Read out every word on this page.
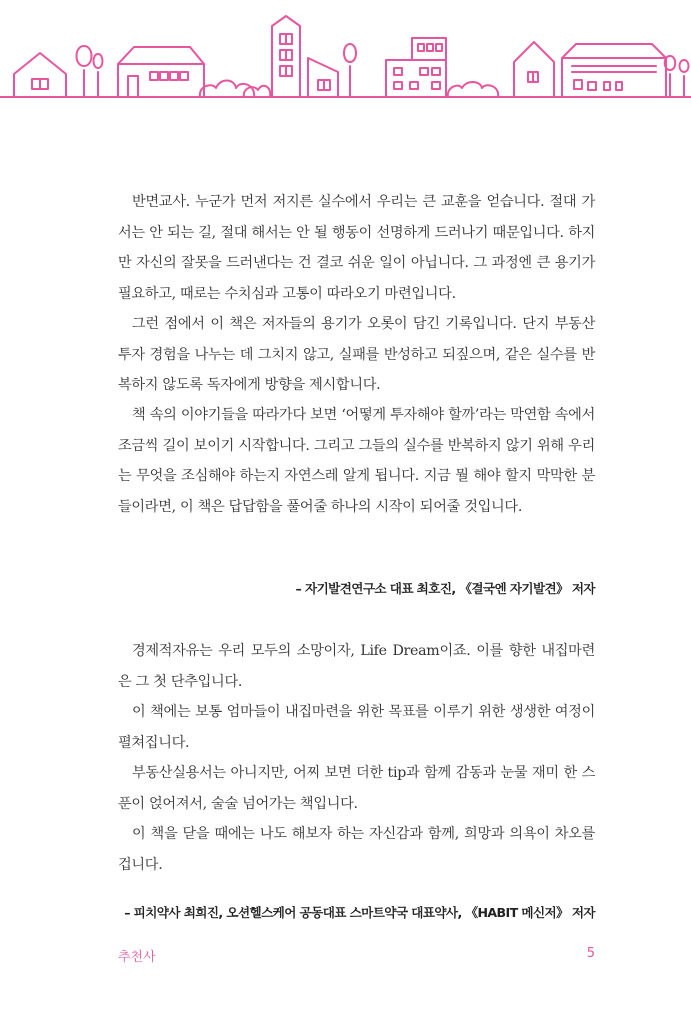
반면교사. 누군가 먼저 저지른 실수에서 우리는 큰 교훈을 얻습니다. 절대 가서는 안 되는 길, 절대 해서는 안 될 행동이 선명하게 드러나기 때문입니다. 하지만 자신의 잘못을 드러낸다는 건 결코 쉬운 일이 아닙니다. 그 과정엔 큰 용기가 필요하고, 때로는 수치심과 고통이 따라오기 마련입니다.

그런 점에서 이 책은 저자들의 용기가 오롯이 담긴 기록입니다. 단지 부동산 투자 경험을 나누는 데 그치지 않고, 실패를 반성하고 되짚으며, 같은 실수를 반복하지 않도록 독자에게 방향을 제시합니다.

책 속의 이야기들을 따라가다 보면 ‘어떻게 투자해야 할까’라는 막연함 속에서 조금씩 길이 보이기 시작합니다. 그리고 그들의 실수를 반복하지 않기 위해 우리는 무엇을 조심해야 하는지 자연스레 알게 됩니다. 지금 뭘 해야 할지 막막한 분들이라면, 이 책은 답답함을 풀어줄 하나의 시작이 되어줄 것입니다.

– 자기발견연구소 대표 최호진, 《결국엔 자기발견》 저자

경제적자유는 우리 모두의 소망이자, Life Dream이죠. 이를 향한 내집마련은 그 첫 단추입니다.

이 책에는 보통 엄마들이 내집마련을 위한 목표를 이루기 위한 생생한 여정이 펼쳐집니다.

부동산실용서는 아니지만, 어찌 보면 더한 tip과 함께 감동과 눈물 재미 한 스푼이 얹어져서, 술술 넘어가는 책입니다.

이 책을 닫을 때에는 나도 해보자 하는 자신감과 함께, 희망과 의욕이 차오를 겁니다.

– 피치약사 최희진, 오션헬스케어 공동대표 스마트약국 대표약사, 《HABIT 메신저》 저자

추천사	5
